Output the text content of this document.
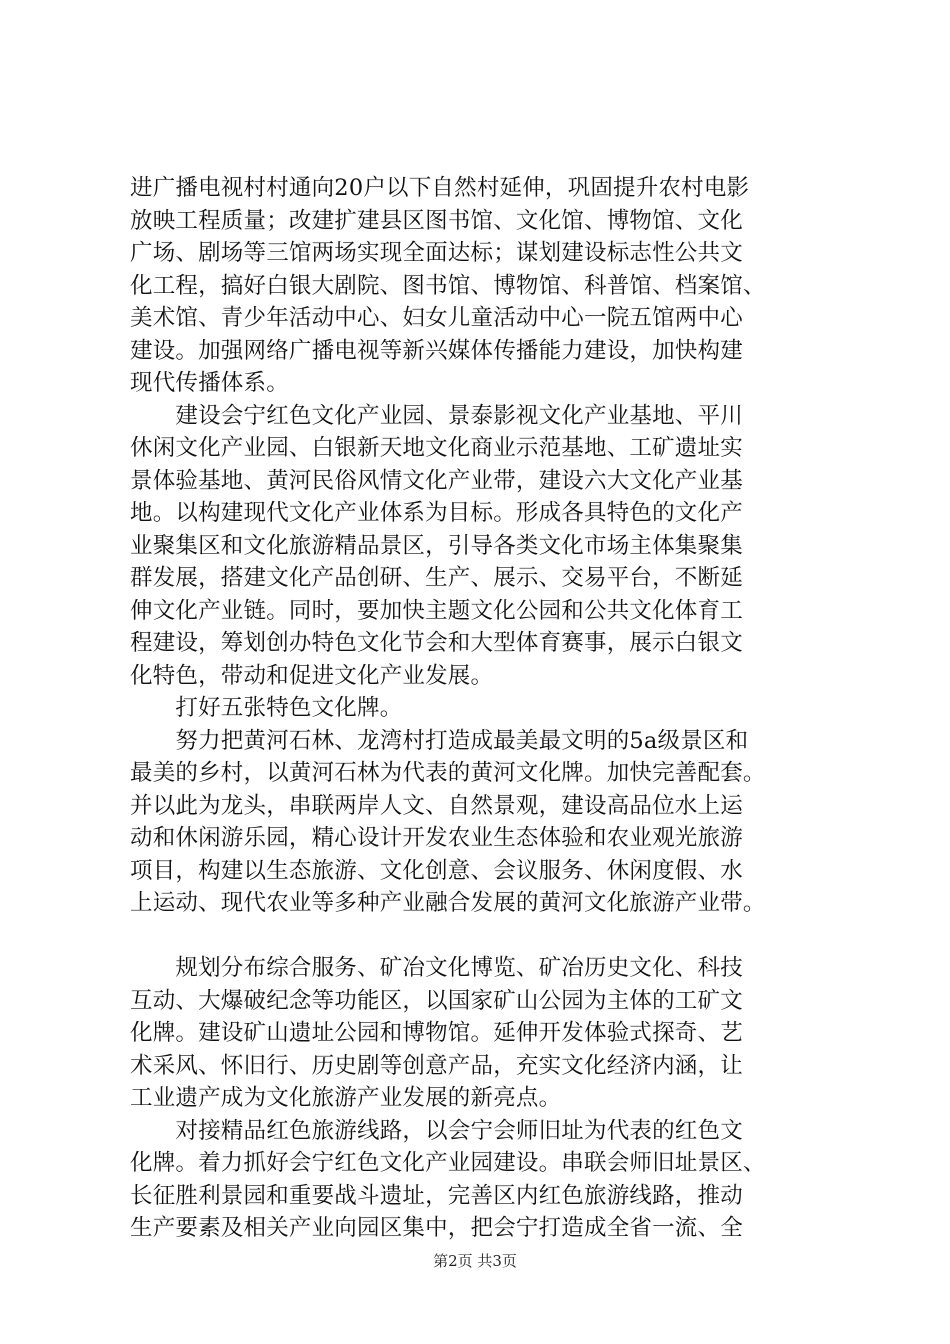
进广播电视村村通向20户以下自然村延伸，巩固提升农村电影
放映工程质量；改建扩建县区图书馆、文化馆、博物馆、文化
广场、剧场等三馆两场实现全面达标；谋划建设标志性公共文
化工程，搞好白银大剧院、图书馆、博物馆、科普馆、档案馆、
美术馆、青少年活动中心、妇女儿童活动中心一院五馆两中心
建设。加强网络广播电视等新兴媒体传播能力建设，加快构建
现代传播体系。
　　建设会宁红色文化产业园、景泰影视文化产业基地、平川
休闲文化产业园、白银新天地文化商业示范基地、工矿遗址实
景体验基地、黄河民俗风情文化产业带，建设六大文化产业基
地。以构建现代文化产业体系为目标。形成各具特色的文化产
业聚集区和文化旅游精品景区，引导各类文化市场主体集聚集
群发展，搭建文化产品创研、生产、展示、交易平台，不断延
伸文化产业链。同时，要加快主题文化公园和公共文化体育工
程建设，筹划创办特色文化节会和大型体育赛事，展示白银文
化特色，带动和促进文化产业发展。
　　打好五张特色文化牌。
　　努力把黄河石林、龙湾村打造成最美最文明的5a级景区和
最美的乡村，以黄河石林为代表的黄河文化牌。加快完善配套。
并以此为龙头，串联两岸人文、自然景观，建设高品位水上运
动和休闲游乐园，精心设计开发农业生态体验和农业观光旅游
项目，构建以生态旅游、文化创意、会议服务、休闲度假、水
上运动、现代农业等多种产业融合发展的黄河文化旅游产业带。
　　规划分布综合服务、矿冶文化博览、矿冶历史文化、科技
互动、大爆破纪念等功能区，以国家矿山公园为主体的工矿文
化牌。建设矿山遗址公园和博物馆。延伸开发体验式探奇、艺
术采风、怀旧行、历史剧等创意产品，充实文化经济内涵，让
工业遗产成为文化旅游产业发展的新亮点。
　　对接精品红色旅游线路，以会宁会师旧址为代表的红色文
化牌。着力抓好会宁红色文化产业园建设。串联会师旧址景区、
长征胜利景园和重要战斗遗址，完善区内红色旅游线路，推动
生产要素及相关产业向园区集中，把会宁打造成全省一流、全
第2页 共3页
